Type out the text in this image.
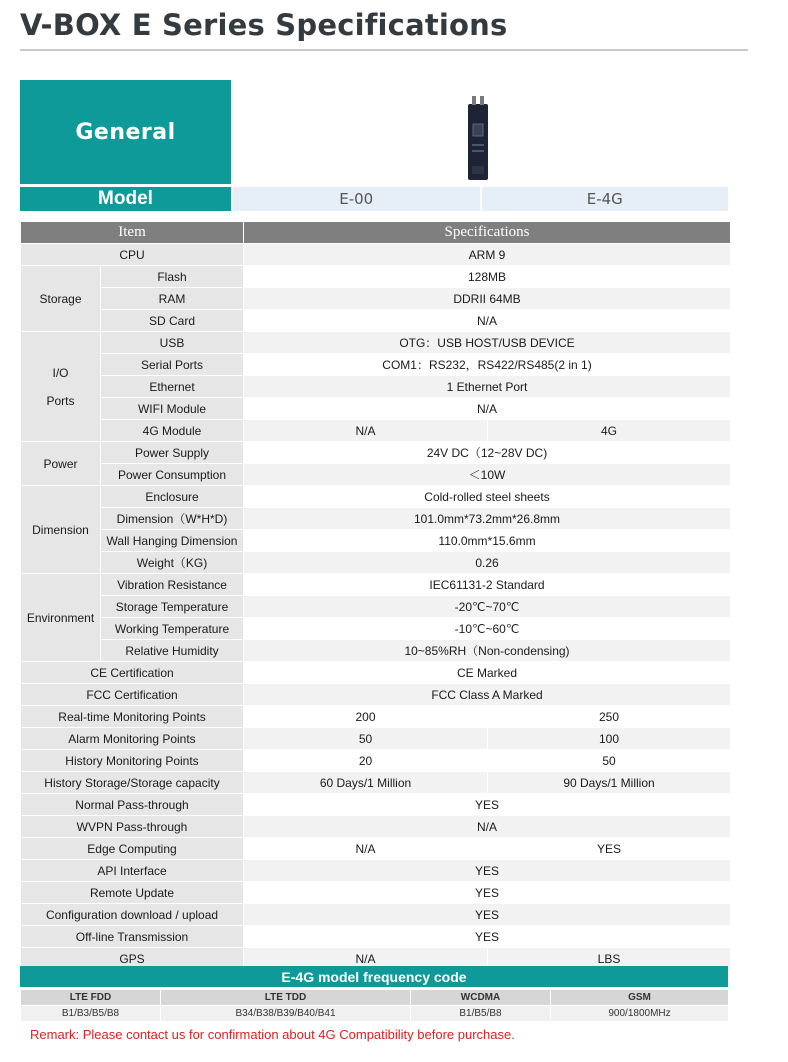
V-BOX E Series Specifications
General
Model	E-00	E-4G
Item		Specifications	
CPU		ARM 9	
Storage	Flash	128MB	
	RAM	DDRII 64MB	
	SD Card	N/A	
I/O

Ports	USB	OTG：USB HOST/USB DEVICE	
	Serial Ports	COM1：RS232，RS422/RS485(2 in 1)	
	Ethernet	1 Ethernet Port	
	WIFI Module	N/A	
	4G Module	N/A	4G
Power	Power Supply	24V DC（12~28V DC)	
	Power Consumption	＜10W	
Dimension	Enclosure	Cold-rolled steel sheets	
	Dimension（W*H*D)	101.0mm*73.2mm*26.8mm	
	Wall Hanging Dimension	110.0mm*15.6mm	
	Weight（KG)	0.26	
Environment	Vibration Resistance	IEC61131-2 Standard	
	Storage Temperature	-20℃~70℃	
	Working Temperature	-10℃~60℃	
	Relative Humidity	10~85%RH（Non-condensing)	
CE Certification		CE Marked	
FCC Certification		FCC Class A Marked	
Real-time Monitoring Points		200	250
Alarm Monitoring Points		50	100
History Monitoring Points		20	50
History Storage/Storage capacity		60 Days/1 Million	90 Days/1 Million
Normal Pass-through		YES	
WVPN Pass-through		N/A	
Edge Computing		N/A	YES
API Interface		YES	
Remote Update		YES	
Configuration download / upload		YES	
Off-line Transmission		YES	
GPS		N/A	LBS
E-4G model frequency code
LTE FDD	LTE TDD	WCDMA	GSM
B1/B3/B5/B8	B34/B38/B39/B40/B41	B1/B5/B8	900/1800MHz
Remark: Please contact us for confirmation about 4G Compatibility before purchase.
